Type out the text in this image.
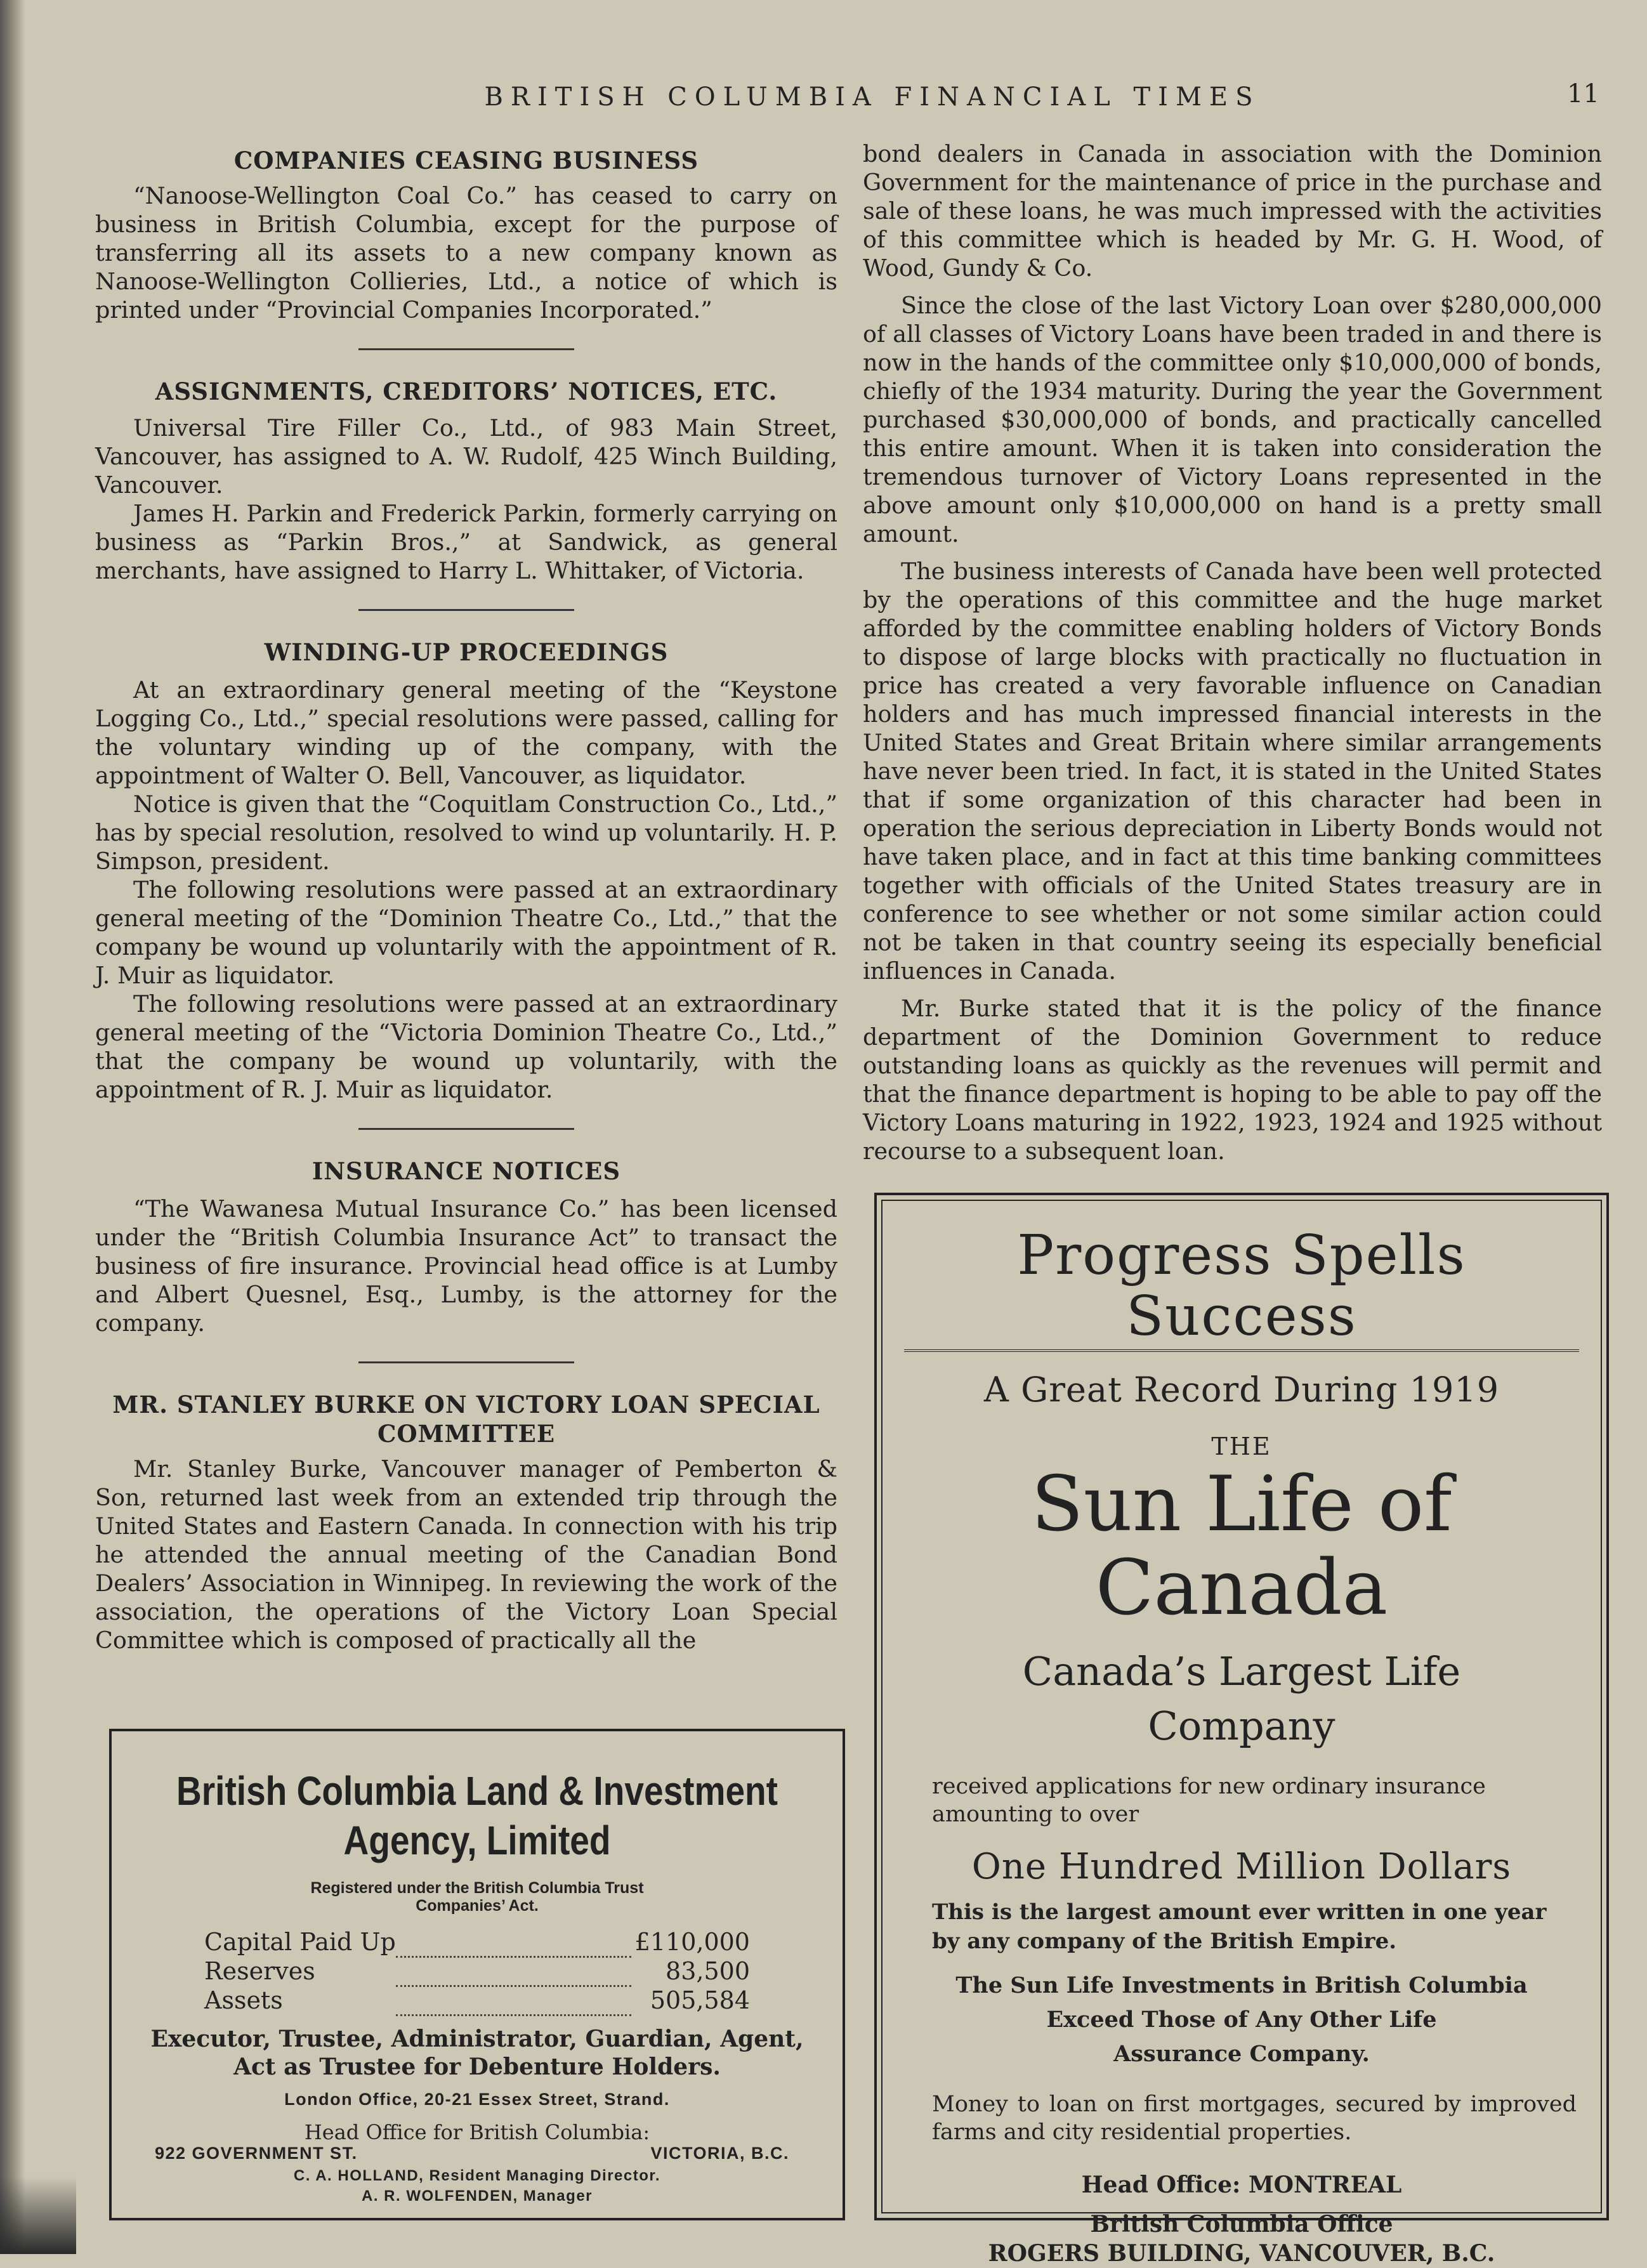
BRITISH COLUMBIA FINANCIAL TIMES	11
COMPANIES CEASING BUSINESS

“Nanoose-Wellington Coal Co.” has ceased to carry on business in British Columbia, except for the purpose of transferring all its assets to a new company known as Nanoose-Wellington Collieries, Ltd., a notice of which is printed under “Provincial Companies Incorporated.”

ASSIGNMENTS, CREDITORS’ NOTICES, ETC.

Universal Tire Filler Co., Ltd., of 983 Main Street, Vancouver, has assigned to A. W. Rudolf, 425 Winch Building, Vancouver.

James H. Parkin and Frederick Parkin, formerly carrying on business as “Parkin Bros.,” at Sandwick, as general merchants, have assigned to Harry L. Whittaker, of Victoria.

WINDING-UP PROCEEDINGS

At an extraordinary general meeting of the “Keystone Logging Co., Ltd.,” special resolutions were passed, calling for the voluntary winding up of the company, with the appointment of Walter O. Bell, Vancouver, as liquidator.

Notice is given that the “Coquitlam Construction Co., Ltd.,” has by special resolution, resolved to wind up voluntarily. H. P. Simpson, president.

The following resolutions were passed at an extraordinary general meeting of the “Dominion Theatre Co., Ltd.,” that the company be wound up voluntarily with the appointment of R. J. Muir as liquidator.

The following resolutions were passed at an extraordinary general meeting of the “Victoria Dominion Theatre Co., Ltd.,” that the company be wound up voluntarily, with the appointment of R. J. Muir as liquidator.

INSURANCE NOTICES

“The Wawanesa Mutual Insurance Co.” has been licensed under the “British Columbia Insurance Act” to transact the business of fire insurance. Provincial head office is at Lumby and Albert Quesnel, Esq., Lumby, is the attorney for the company.

MR. STANLEY BURKE ON VICTORY LOAN SPECIAL COMMITTEE

Mr. Stanley Burke, Vancouver manager of Pemberton & Son, returned last week from an extended trip through the United States and Eastern Canada. In connection with his trip he attended the annual meeting of the Canadian Bond Dealers’ Association in Winnipeg. In reviewing the work of the association, the operations of the Victory Loan Special Committee which is composed of practically all the

bond dealers in Canada in association with the Dominion Government for the maintenance of price in the purchase and sale of these loans, he was much impressed with the activities of this committee which is headed by Mr. G. H. Wood, of Wood, Gundy & Co.

Since the close of the last Victory Loan over $280,000,000 of all classes of Victory Loans have been traded in and there is now in the hands of the committee only $10,000,000 of bonds, chiefly of the 1934 maturity. During the year the Government purchased $30,000,000 of bonds, and practically cancelled this entire amount. When it is taken into consideration the tremendous turnover of Victory Loans represented in the above amount only $10,000,000 on hand is a pretty small amount.

The business interests of Canada have been well protected by the operations of this committee and the huge market afforded by the committee enabling holders of Victory Bonds to dispose of large blocks with practically no fluctuation in price has created a very favorable influence on Canadian holders and has much impressed financial interests in the United States and Great Britain where similar arrangements have never been tried. In fact, it is stated in the United States that if some organization of this character had been in operation the serious depreciation in Liberty Bonds would not have taken place, and in fact at this time banking committees together with officials of the United States treasury are in conference to see whether or not some similar action could not be taken in that country seeing its especially beneficial influences in Canada.

Mr. Burke stated that it is the policy of the finance department of the Dominion Government to reduce outstanding loans as quickly as the revenues will permit and that the finance department is hoping to be able to pay off the Victory Loans maturing in 1922, 1923, 1924 and 1925 without recourse to a subsequent loan.

British Columbia Land & Investment
Agency, Limited
Registered under the British Columbia Trust
Companies’ Act.
Capital Paid Up		£110,000
Reserves		83,500
Assets		505,584
Executor, Trustee, Administrator, Guardian, Agent,
Act as Trustee for Debenture Holders.
London Office, 20-21 Essex Street, Strand.
Head Office for British Columbia:
922 GOVERNMENT ST.	VICTORIA, B.C.
C. A. HOLLAND, Resident Managing Director.
A. R. WOLFENDEN, Manager
Progress Spells Success
A Great Record During 1919
THE
Sun Life of Canada
Canada’s Largest Life
Company
received applications for new ordinary insurance amounting to over
One Hundred Million Dollars
This is the largest amount ever written in one year by any company of the British Empire.
The Sun Life Investments in British Columbia
Exceed Those of Any Other Life
Assurance Company.
Money to loan on first mortgages, secured by improved farms and city residential properties.
Head Office: MONTREAL
British Columbia Office
ROGERS BUILDING, VANCOUVER, B.C.
